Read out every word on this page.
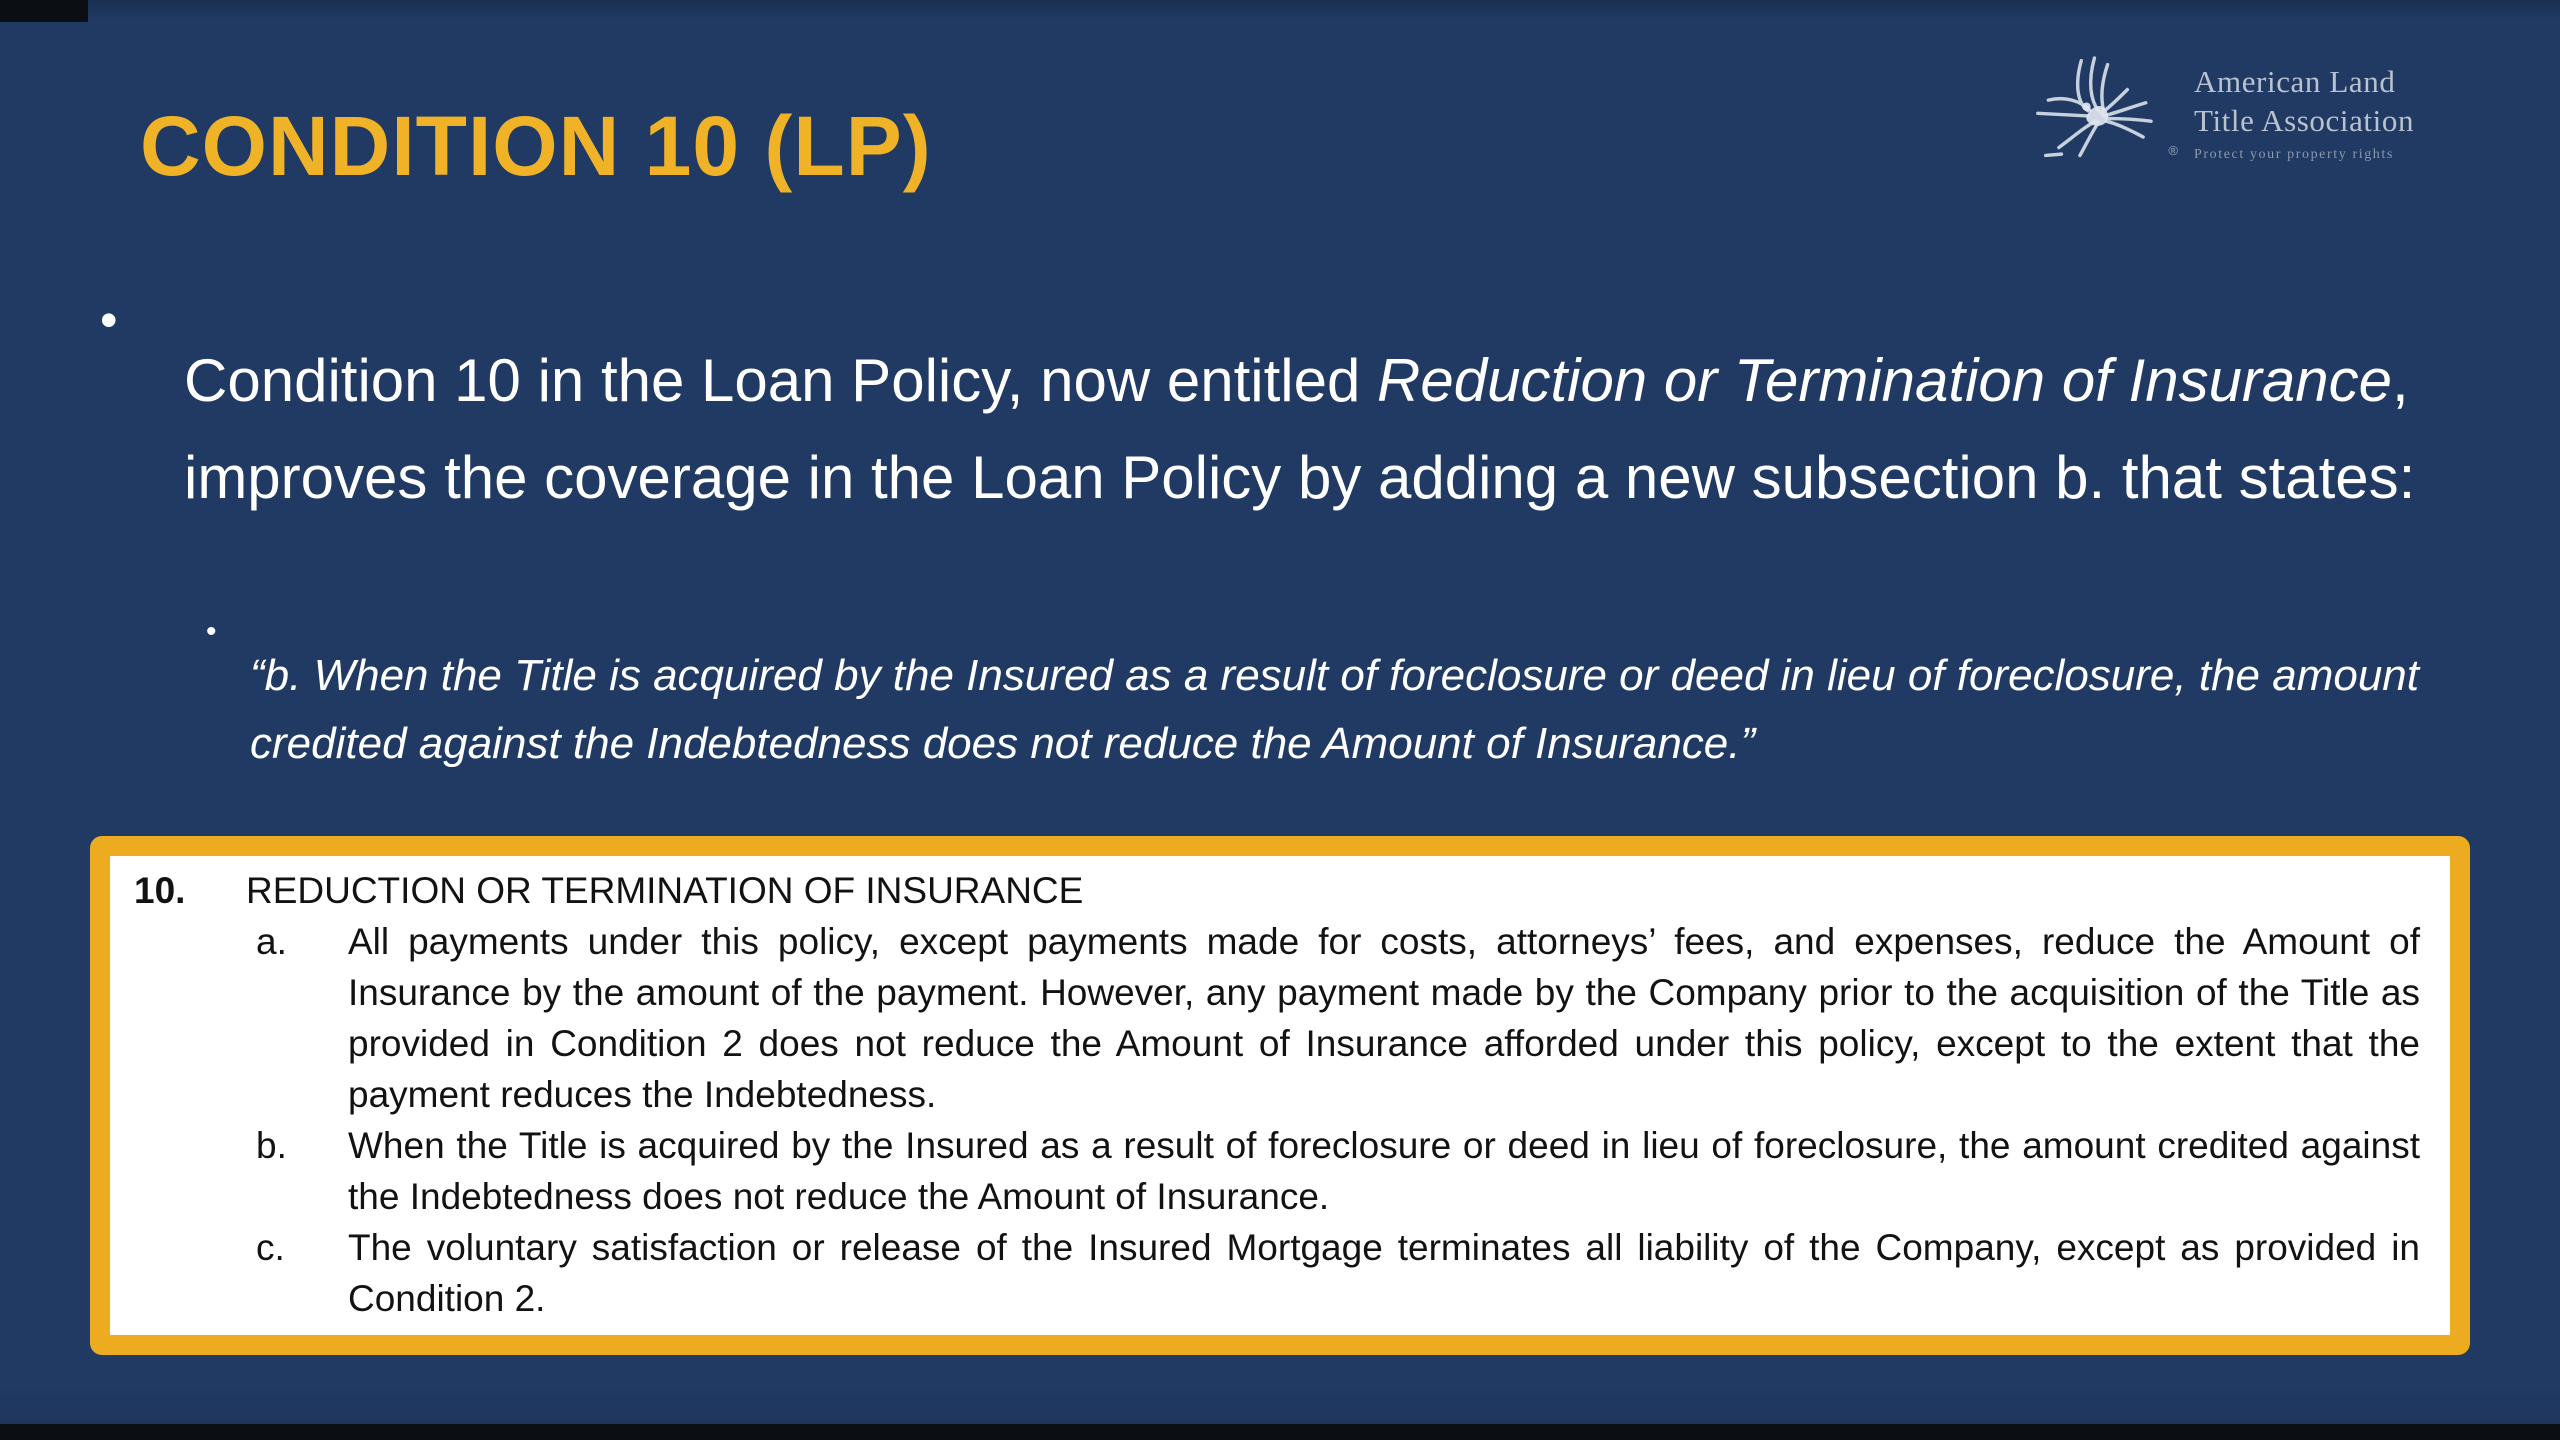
CONDITION 10 (LP)	®
American Land
Title Association
Protect your property rights
•

Condition 10 in the Loan Policy, now entitled Reduction or Termination of Insurance, improves the coverage in the Loan Policy by adding a new subsection b. that states:

•

“b. When the Title is acquired by the Insured as a result of foreclosure or deed in lieu of foreclosure, the amount credited against the Indebtedness does not reduce the Amount of Insurance.”

10.	REDUCTION OR TERMINATION OF INSURANCE
a.	All payments under this policy, except payments made for costs, attorneys’ fees, and expenses, reduce the Amount of Insurance by the amount of the payment. However, any payment made by the Company prior to the acquisition of the Title as provided in Condition 2 does not reduce the Amount of Insurance afforded under this policy, except to the extent that the payment reduces the Indebtedness.
b.	When the Title is acquired by the Insured as a result of foreclosure or deed in lieu of foreclosure, the amount credited against the Indebtedness does not reduce the Amount of Insurance.
c.	The voluntary satisfaction or release of the Insured Mortgage terminates all liability of the Company, except as provided in Condition 2.
